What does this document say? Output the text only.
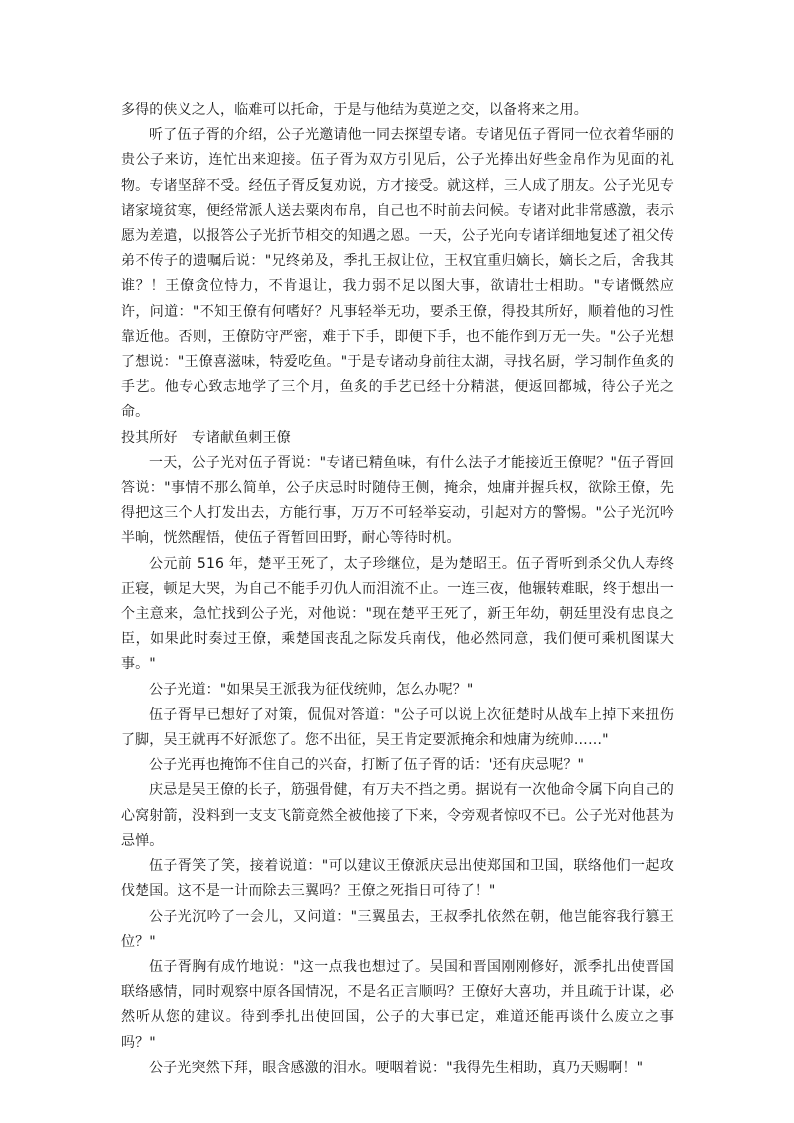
多得的侠义之人，临难可以托命，于是与他结为莫逆之交，以备将来之用。

听了伍子胥的介绍，公子光邀请他一同去探望专诸。专诸见伍子胥同一位衣着华丽的贵公子来访，连忙出来迎接。伍子胥为双方引见后，公子光捧出好些金帛作为见面的礼物。专诸坚辞不受。经伍子胥反复劝说，方才接受。就这样，三人成了朋友。公子光见专诸家境贫寒，便经常派人送去粟肉布帛，自己也不时前去问候。专诸对此非常感激，表示愿为差遣，以报答公子光折节相交的知遇之恩。一天，公子光向专诸详细地复述了祖父传弟不传子的遗嘱后说："兄终弟及，季扎王叔让位，王权宜重归嫡长，嫡长之后，舍我其谁？！王僚贪位恃力，不肯退让，我力弱不足以图大事，欲请壮士相助。"专诸慨然应许，问道："不知王僚有何嗜好？凡事轻举无功，要杀王僚，得投其所好，顺着他的习性靠近他。否则，王僚防守严密，难于下手，即便下手，也不能作到万无一失。"公子光想了想说："王僚喜滋味，特爱吃鱼。"于是专诸动身前往太湖，寻找名厨，学习制作鱼炙的手艺。他专心致志地学了三个月，鱼炙的手艺已经十分精湛，便返回都城，待公子光之命。

投其所好　专诸献鱼刺王僚

一天，公子光对伍子胥说："专诸已精鱼味，有什么法子才能接近王僚呢？"伍子胥回答说："事情不那么简单，公子庆忌时时随侍王侧，掩余，烛庸并握兵权，欲除王僚，先得把这三个人打发出去，方能行事，万万不可轻举妄动，引起对方的警惕。"公子光沉吟半晌，恍然醒悟，使伍子胥暂回田野，耐心等待时机。

公元前 516 年，楚平王死了，太子珍继位，是为楚昭王。伍子胥听到杀父仇人寿终正寝，顿足大哭，为自己不能手刃仇人而泪流不止。一连三夜，他辗转难眠，终于想出一个主意来，急忙找到公子光，对他说："现在楚平王死了，新王年幼，朝廷里没有忠良之臣，如果此时奏过王僚，乘楚国丧乱之际发兵南伐，他必然同意，我们便可乘机图谋大事。"

公子光道："如果吴王派我为征伐统帅，怎么办呢？"

伍子胥早已想好了对策，侃侃对答道："公子可以说上次征楚时从战车上掉下来扭伤了脚，吴王就再不好派您了。您不出征，吴王肯定要派掩余和烛庸为统帅……"

公子光再也掩饰不住自己的兴奋，打断了伍子胥的话：'还有庆忌呢？"

庆忌是吴王僚的长子，筋强骨健，有万夫不挡之勇。据说有一次他命令属下向自己的心窝射箭，没料到一支支飞箭竟然全被他接了下来，令旁观者惊叹不已。公子光对他甚为忌惮。

伍子胥笑了笑，接着说道："可以建议王僚派庆忌出使郑国和卫国，联络他们一起攻伐楚国。这不是一计而除去三翼吗？王僚之死指日可待了！"

公子光沉吟了一会儿，又问道："三翼虽去，王叔季扎依然在朝，他岂能容我行篡王位？"

伍子胥胸有成竹地说："这一点我也想过了。吴国和晋国刚刚修好，派季扎出使晋国联络感情，同时观察中原各国情况，不是名正言顺吗？王僚好大喜功，并且疏于计谋，必然听从您的建议。待到季扎出使回国，公子的大事已定，难道还能再谈什么废立之事吗？"

公子光突然下拜，眼含感激的泪水。哽咽着说："我得先生相助，真乃天赐啊！"
